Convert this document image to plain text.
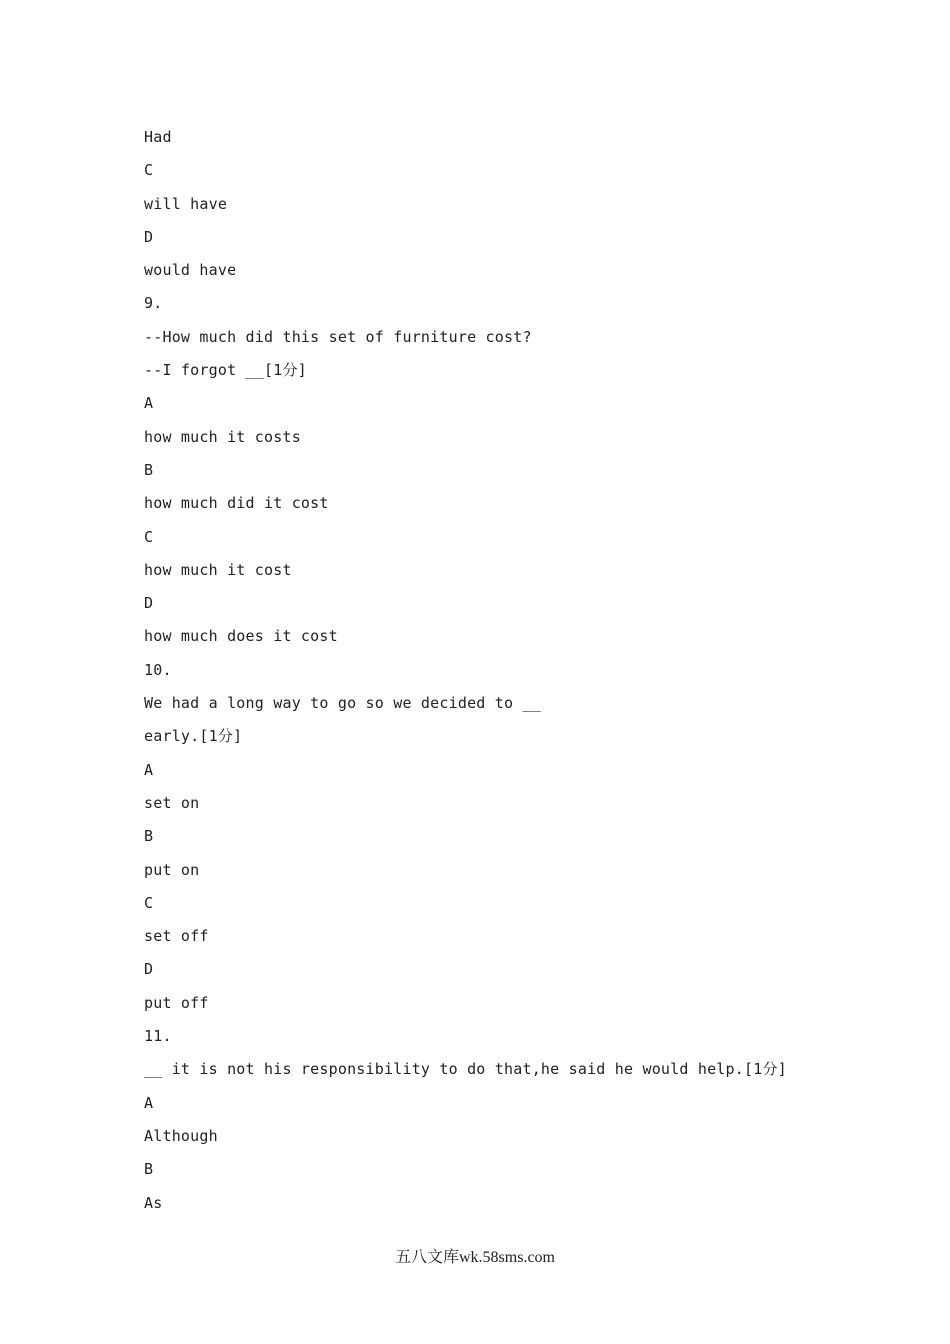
Had
C
will have
D
would have
9.
--How much did this set of furniture cost?
--I forgot __[1分]
A
how much it costs
B
how much did it cost
C
how much it cost
D
how much does it cost
10.
We had a long way to go so we decided to __
early.[1分]
A
set on
B
put on
C
set off
D
put off
11.
__ it is not his responsibility to do that,he said he would help.[1分]
A
Although
B
As
五八文库wk.58sms.com
